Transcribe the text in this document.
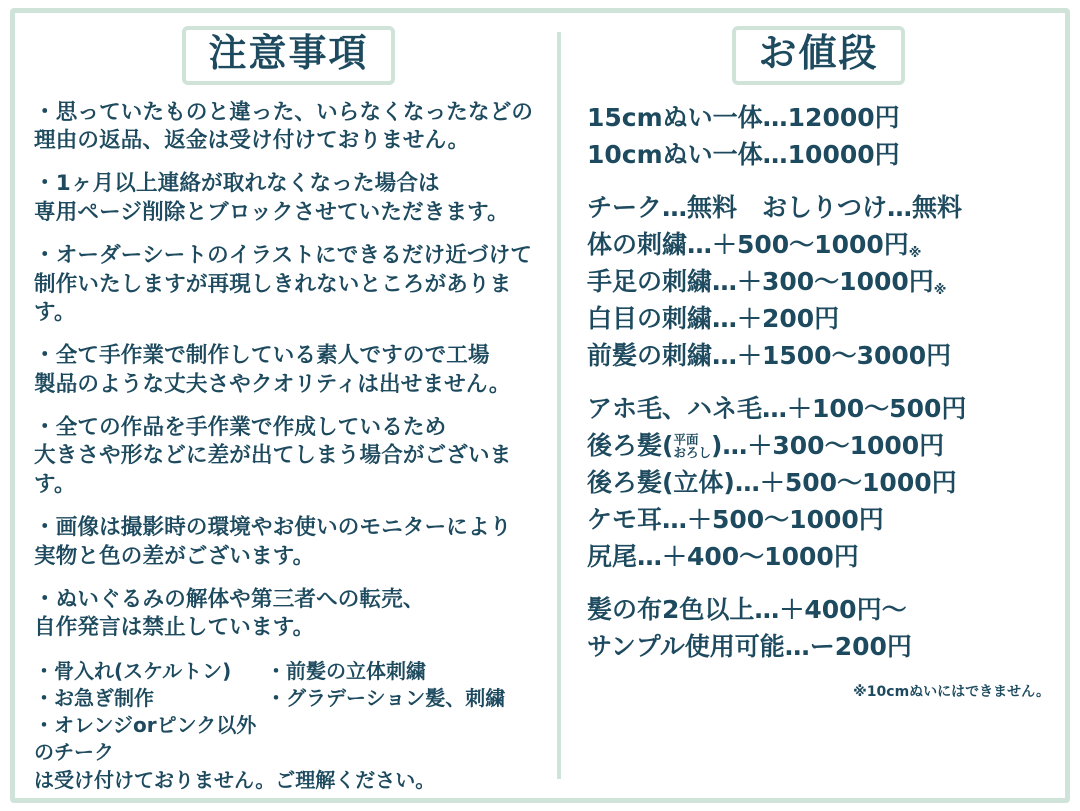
注意事項
・思っていたものと違った、いらなくなったなどの
理由の返品、返金は受け付けておりません。
・1ヶ月以上連絡が取れなくなった場合は
専用ページ削除とブロックさせていただきます。
・オーダーシートのイラストにできるだけ近づけて
制作いたしますが再現しきれないところがあります。
・全て手作業で制作している素人ですので工場
製品のような丈夫さやクオリティは出せません。
・全ての作品を手作業で作成しているため
大きさや形などに差が出てしまう場合がございます。
・画像は撮影時の環境やお使いのモニターにより
実物と色の差がございます。
・ぬいぐるみの解体や第三者への転売、
自作発言は禁止しています。
・骨入れ(スケルトン)	・前髪の立体刺繍
・お急ぎ制作	・グラデーション髪、刺繍
・オレンジorピンク以外のチーク
は受け付けておりません。ご理解ください。
お値段
15cmぬい一体…12000円
10cmぬい一体…10000円
チーク…無料　おしりつけ…無料
体の刺繍…＋500〜1000円※
手足の刺繍…＋300〜1000円※
白目の刺繍…＋200円
前髪の刺繍…＋1500〜3000円
アホ毛、ハネ毛…＋100〜500円
後ろ髪( 平面
おろし )…＋300〜1000円
後ろ髪(立体)…＋500〜1000円
ケモ耳…＋500〜1000円
尻尾…＋400〜1000円
髪の布2色以上…＋400円〜
サンプル使用可能…ー200円
※10cmぬいにはできません。
